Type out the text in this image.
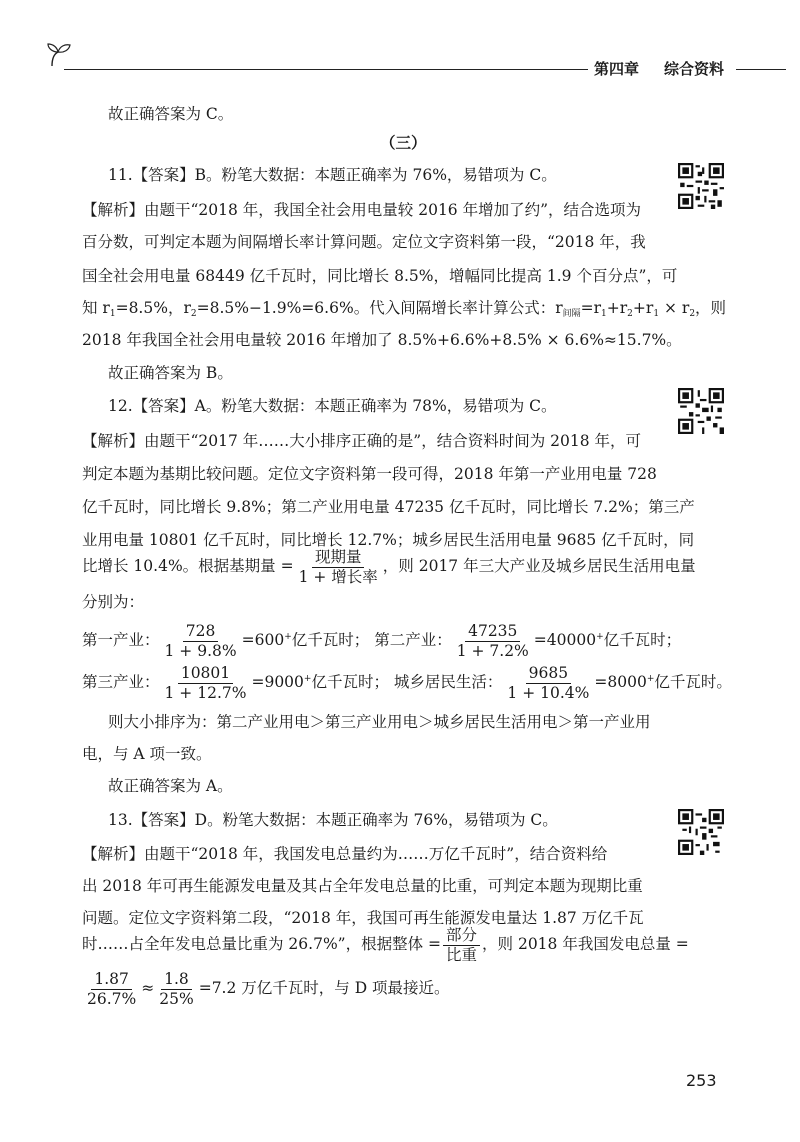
第四章 综合资料
故正确答案为 C。
（三）
11.【答案】B。粉笔大数据：本题正确率为 76%，易错项为 C。
【解析】由题干“2018 年，我国全社会用电量较 2016 年增加了约”，结合选项为
百分数，可判定本题为间隔增长率计算问题。定位文字资料第一段，“2018 年，我
国全社会用电量 68449 亿千瓦时，同比增长 8.5%，增幅同比提高 1.9 个百分点”，可
知 $r_1=8.5\%$，$r_2=8.5\%-1.9\%=6.6\%$。代入间隔增长率计算公式：$r_{间隔}=r_1+r_2+r_1 \times r_2$，则
2018 年我国全社会用电量较 2016 年增加了 8.5%+6.6%+8.5% × 6.6%≈15.7%。
故正确答案为 B。
12.【答案】A。粉笔大数据：本题正确率为 78%，易错项为 C。
【解析】由题干“2017 年……大小排序正确的是”，结合资料时间为 2018 年，可
判定本题为基期比较问题。定位文字资料第一段可得，2018 年第一产业用电量 728
亿千瓦时，同比增长 9.8%；第二产业用电量 47235 亿千瓦时，同比增长 7.2%；第三产
业用电量 10801 亿千瓦时，同比增长 12.7%；城乡居民生活用电量 9685 亿千瓦时，同
比增长 10.4%。根据基期量 = $\frac{\text{现期量}}{\text{1 + 增长率}}$ ，则 2017 年三大产业及城乡居民生活用电量
分别为：
第一产业： $\frac{728}{1 + 9.8\%} =600^+$亿千瓦时； 第二产业： $\frac{47235}{1 + 7.2\%} =40000^+$亿千瓦时；
第三产业： $\frac{10801}{1 + 12.7\%} =9000^+$亿千瓦时； 城乡居民生活： $\frac{9685}{1 + 10.4\%} =8000^+$亿千瓦时。
则大小排序为：第二产业用电＞第三产业用电＞城乡居民生活用电＞第一产业用
电，与 A 项一致。
故正确答案为 A。
13.【答案】D。粉笔大数据：本题正确率为 76%，易错项为 C。
【解析】由题干“2018 年，我国发电总量约为……万亿千瓦时”，结合资料给
出 2018 年可再生能源发电量及其占全年发电总量的比重，可判定本题为现期比重
问题。定位文字资料第二段，“2018 年，我国可再生能源发电量达 1.87 万亿千瓦
时……占全年发电总量比重为 26.7%”，根据整体 = $\frac{\text{部分}}{\text{比重}}$ ，则 2018 年我国发电总量 =
$\frac{1.87}{26.7\%} \approx \frac{1.8}{25\%} =7.2$ 万亿千瓦时，与 D 项最接近。
253
